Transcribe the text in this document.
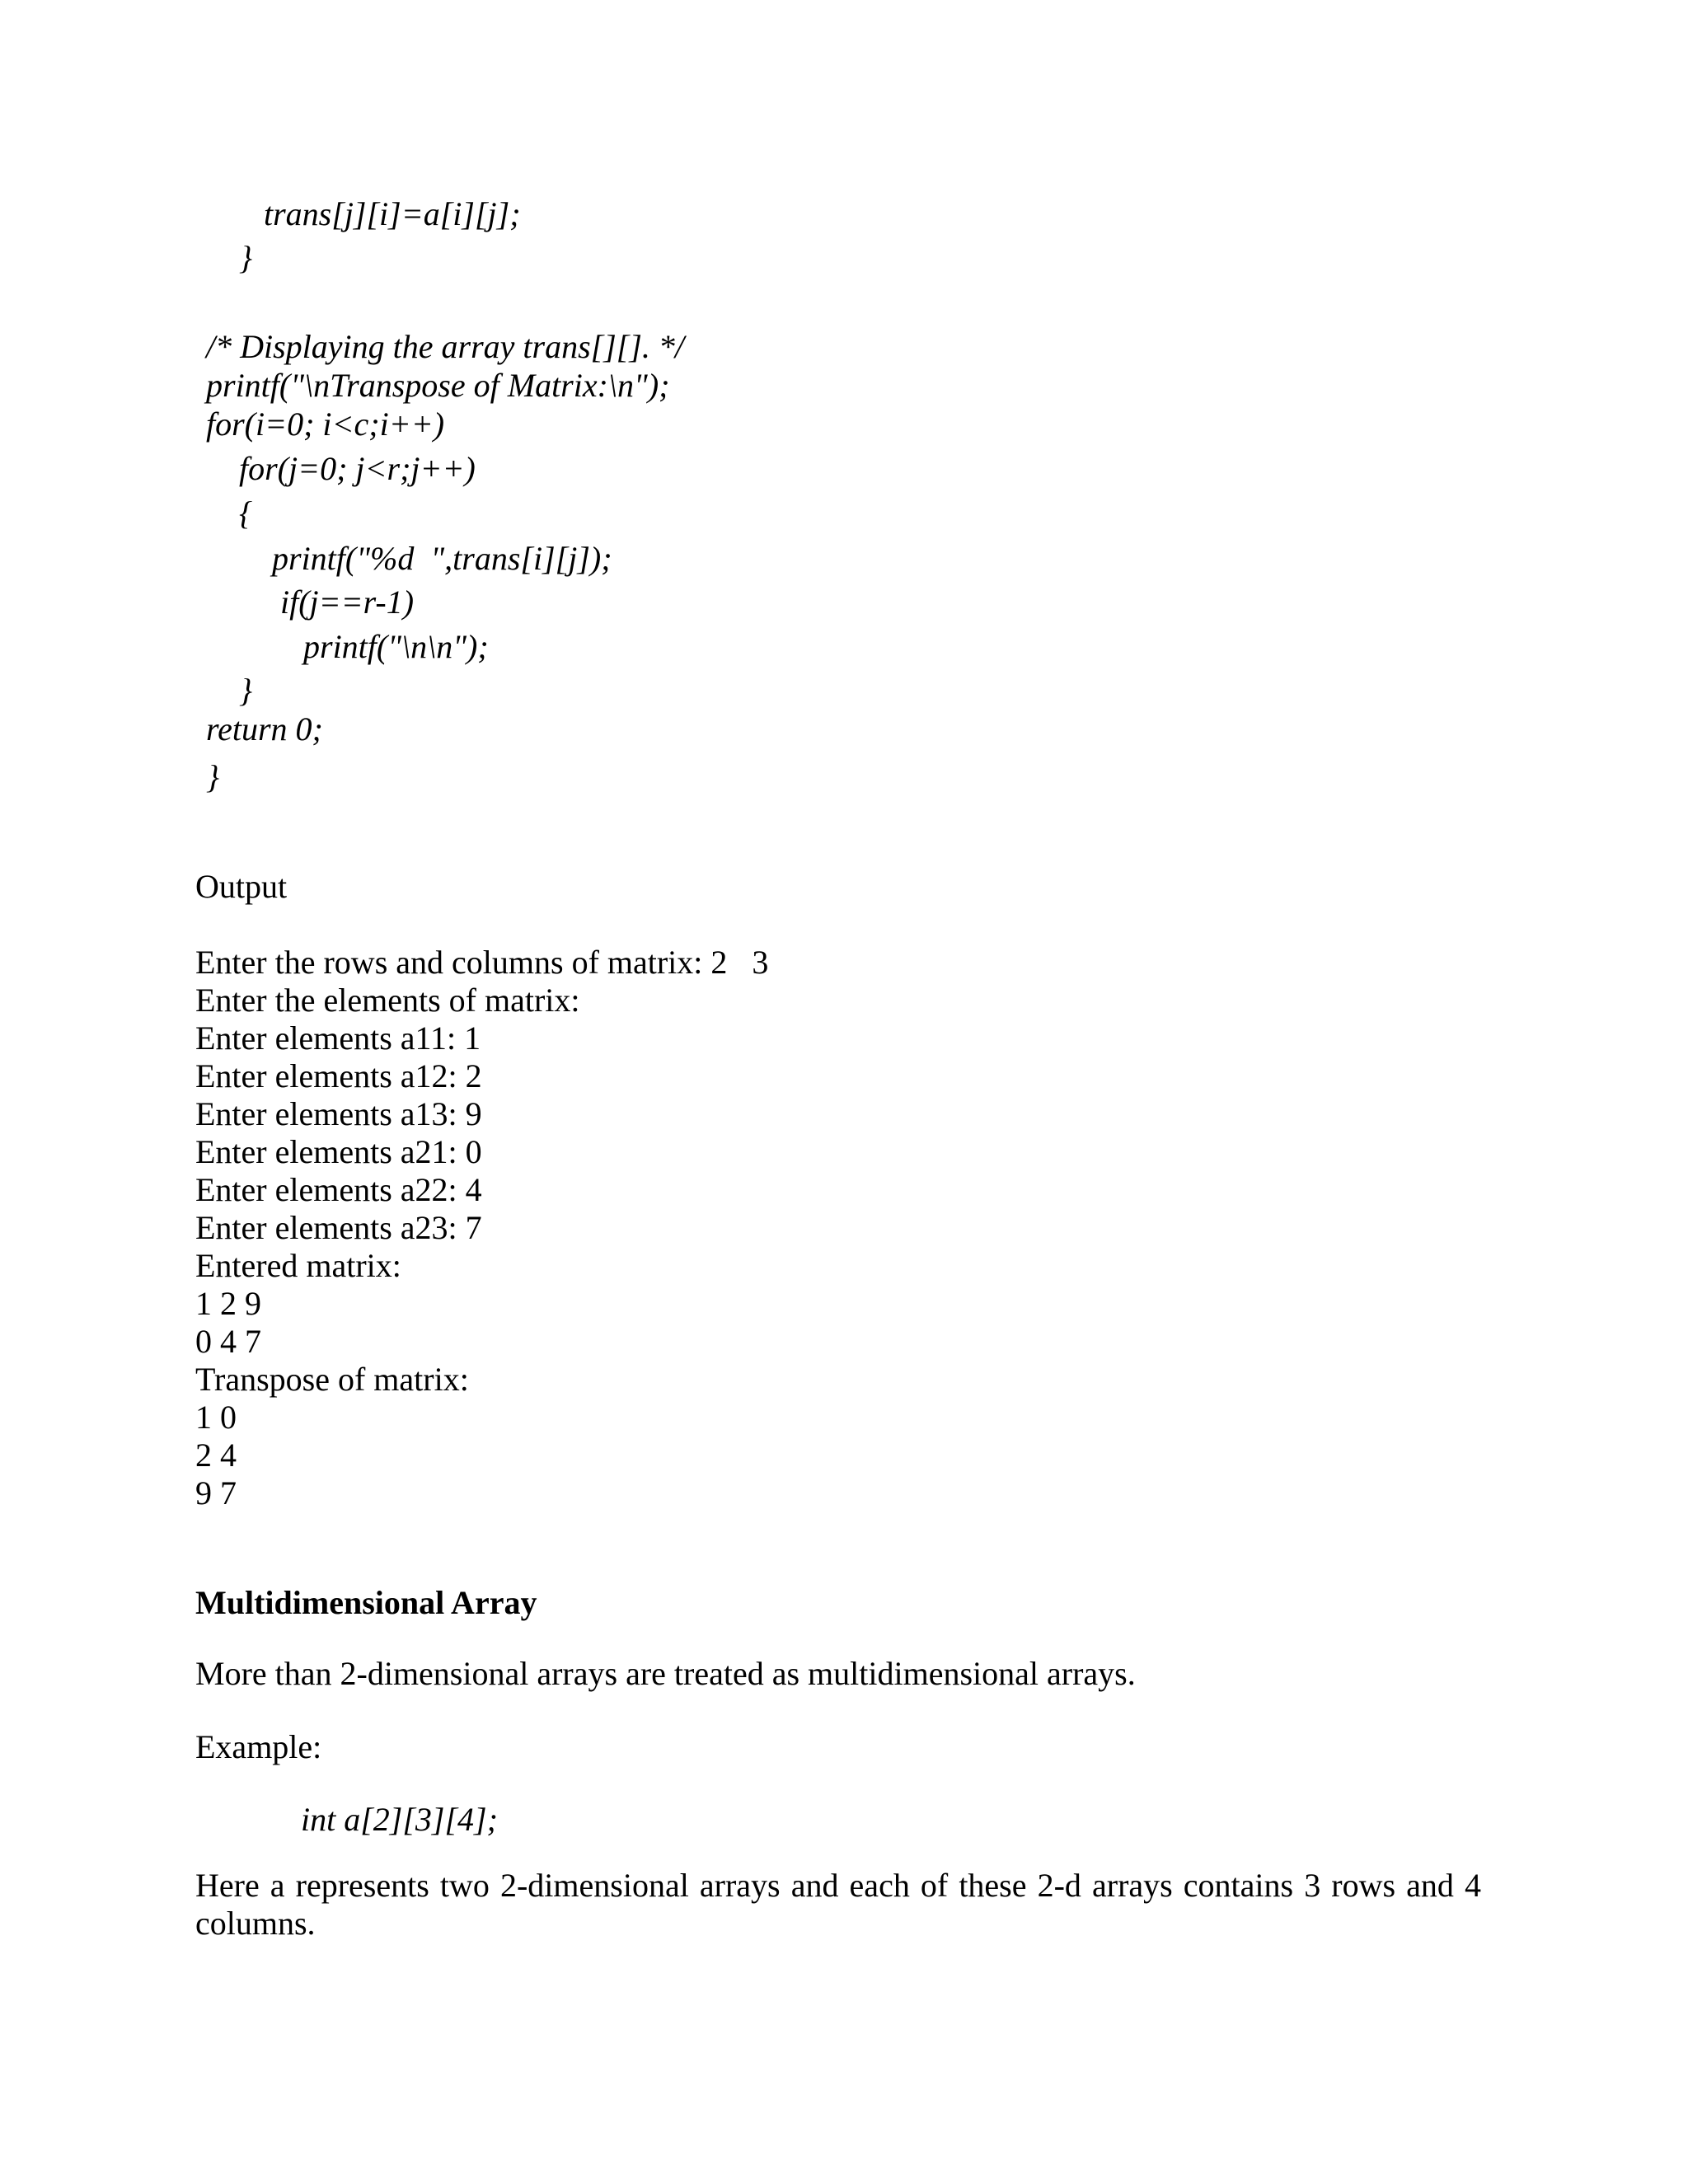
trans[j][i]=a[i][j];
}
/* Displaying the array trans[][]. */
printf("\nTranspose of Matrix:\n");
for(i=0; i<c;i++)
for(j=0; j<r;j++)
{
printf("%d  ",trans[i][j]);
if(j==r-1)
printf("\n\n");
}
return 0;
}
Output
Enter the rows and columns of matrix: 2   3
Enter the elements of matrix:
Enter elements a11: 1
Enter elements a12: 2
Enter elements a13: 9
Enter elements a21: 0
Enter elements a22: 4
Enter elements a23: 7
Entered matrix:
1 2 9
0 4 7
Transpose of matrix:
1 0
2 4
9 7
Multidimensional Array
More than 2-dimensional arrays are treated as multidimensional arrays.
Example:
int a[2][3][4];
Here a represents two 2-dimensional arrays and each of these 2-d arrays contains 3 rows and 4 columns.
